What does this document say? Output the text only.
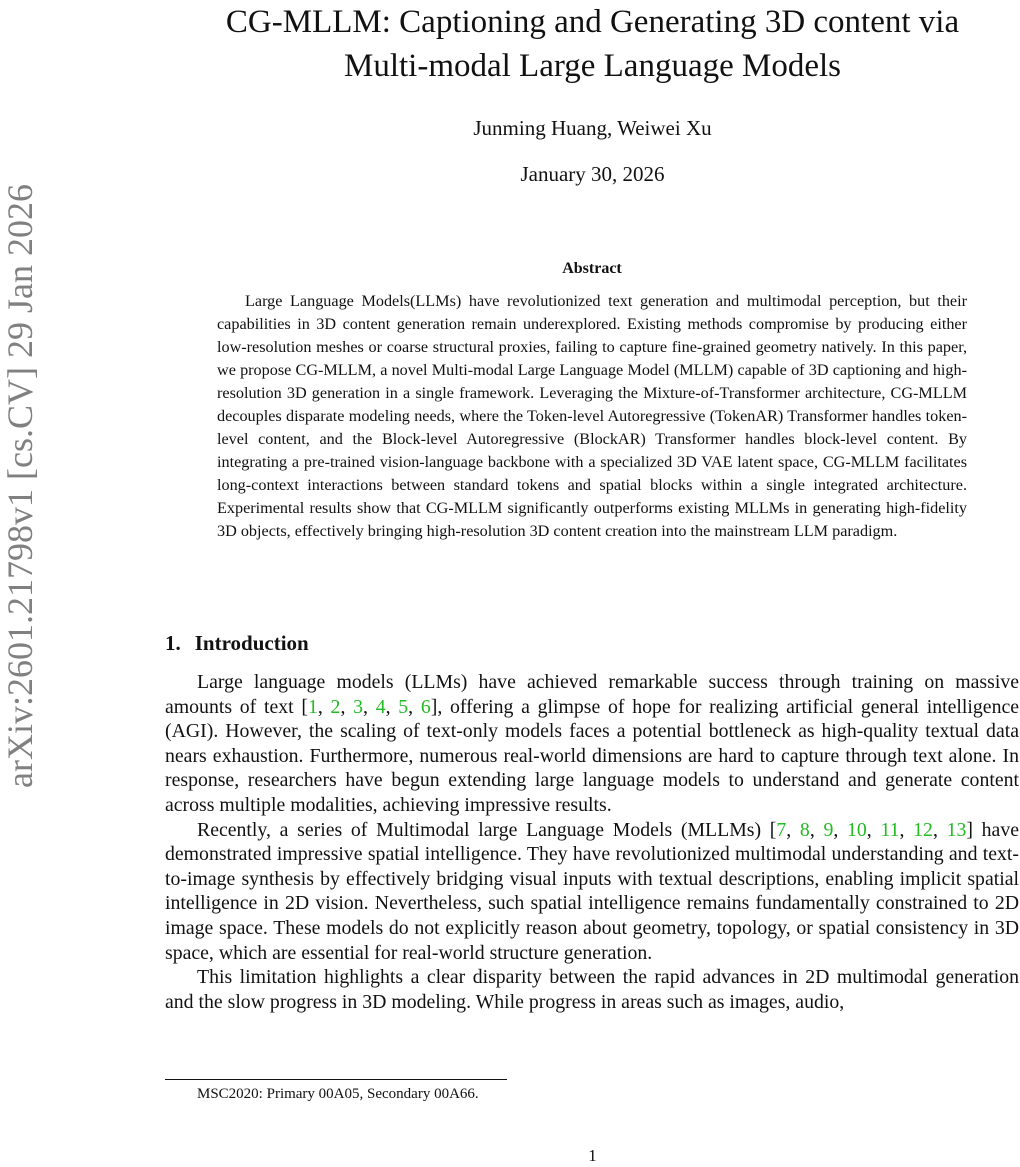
arXiv:2601.21798v1 [cs.CV] 29 Jan 2026
CG-MLLM: Captioning and Generating 3D content via
Multi-modal Large Language Models
Junming Huang, Weiwei Xu
January 30, 2026
Abstract

Large Language Models(LLMs) have revolutionized text generation and multimodal perception, but their capabilities in 3D content generation remain underexplored. Existing methods compromise by producing either low-resolution meshes or coarse structural proxies, failing to capture fine-grained geometry natively. In this paper, we propose CG-MLLM, a novel Multi-modal Large Language Model (MLLM) capable of 3D captioning and high-resolution 3D generation in a single framework. Leveraging the Mixture-of-Transformer architecture, CG-MLLM decouples disparate modeling needs, where the Token-level Autoregressive (TokenAR) Transformer handles token-level content, and the Block-level Autoregressive (BlockAR) Transformer handles block-level content. By integrating a pre-trained vision-language backbone with a specialized 3D VAE latent space, CG-MLLM facilitates long-context interactions between standard tokens and spatial blocks within a single integrated architecture. Experimental results show that CG-MLLM significantly outperforms existing MLLMs in generating high-fidelity 3D objects, effectively bringing high-resolution 3D content creation into the mainstream LLM paradigm.

1. Introduction

Large language models (LLMs) have achieved remarkable success through training on massive amounts of text [1, 2, 3, 4, 5, 6], offering a glimpse of hope for realizing artificial general intelligence (AGI). However, the scaling of text-only models faces a potential bottleneck as high-quality textual data nears exhaustion. Furthermore, numerous real-world dimensions are hard to capture through text alone. In response, researchers have begun extending large language models to understand and generate content across multiple modalities, achieving impressive results.

Recently, a series of Multimodal large Language Models (MLLMs) [7, 8, 9, 10, 11, 12, 13] have demonstrated impressive spatial intelligence. They have revolutionized multimodal understanding and text-to-image synthesis by effectively bridging visual inputs with textual descriptions, enabling implicit spatial intelligence in 2D vision. Nevertheless, such spatial intelligence remains fundamentally constrained to 2D image space. These models do not explicitly reason about geometry, topology, or spatial consistency in 3D space, which are essential for real-world structure generation.

This limitation highlights a clear disparity between the rapid advances in 2D multimodal generation and the slow progress in 3D modeling. While progress in areas such as images, audio,

MSC2020: Primary 00A05, Secondary 00A66.
1
